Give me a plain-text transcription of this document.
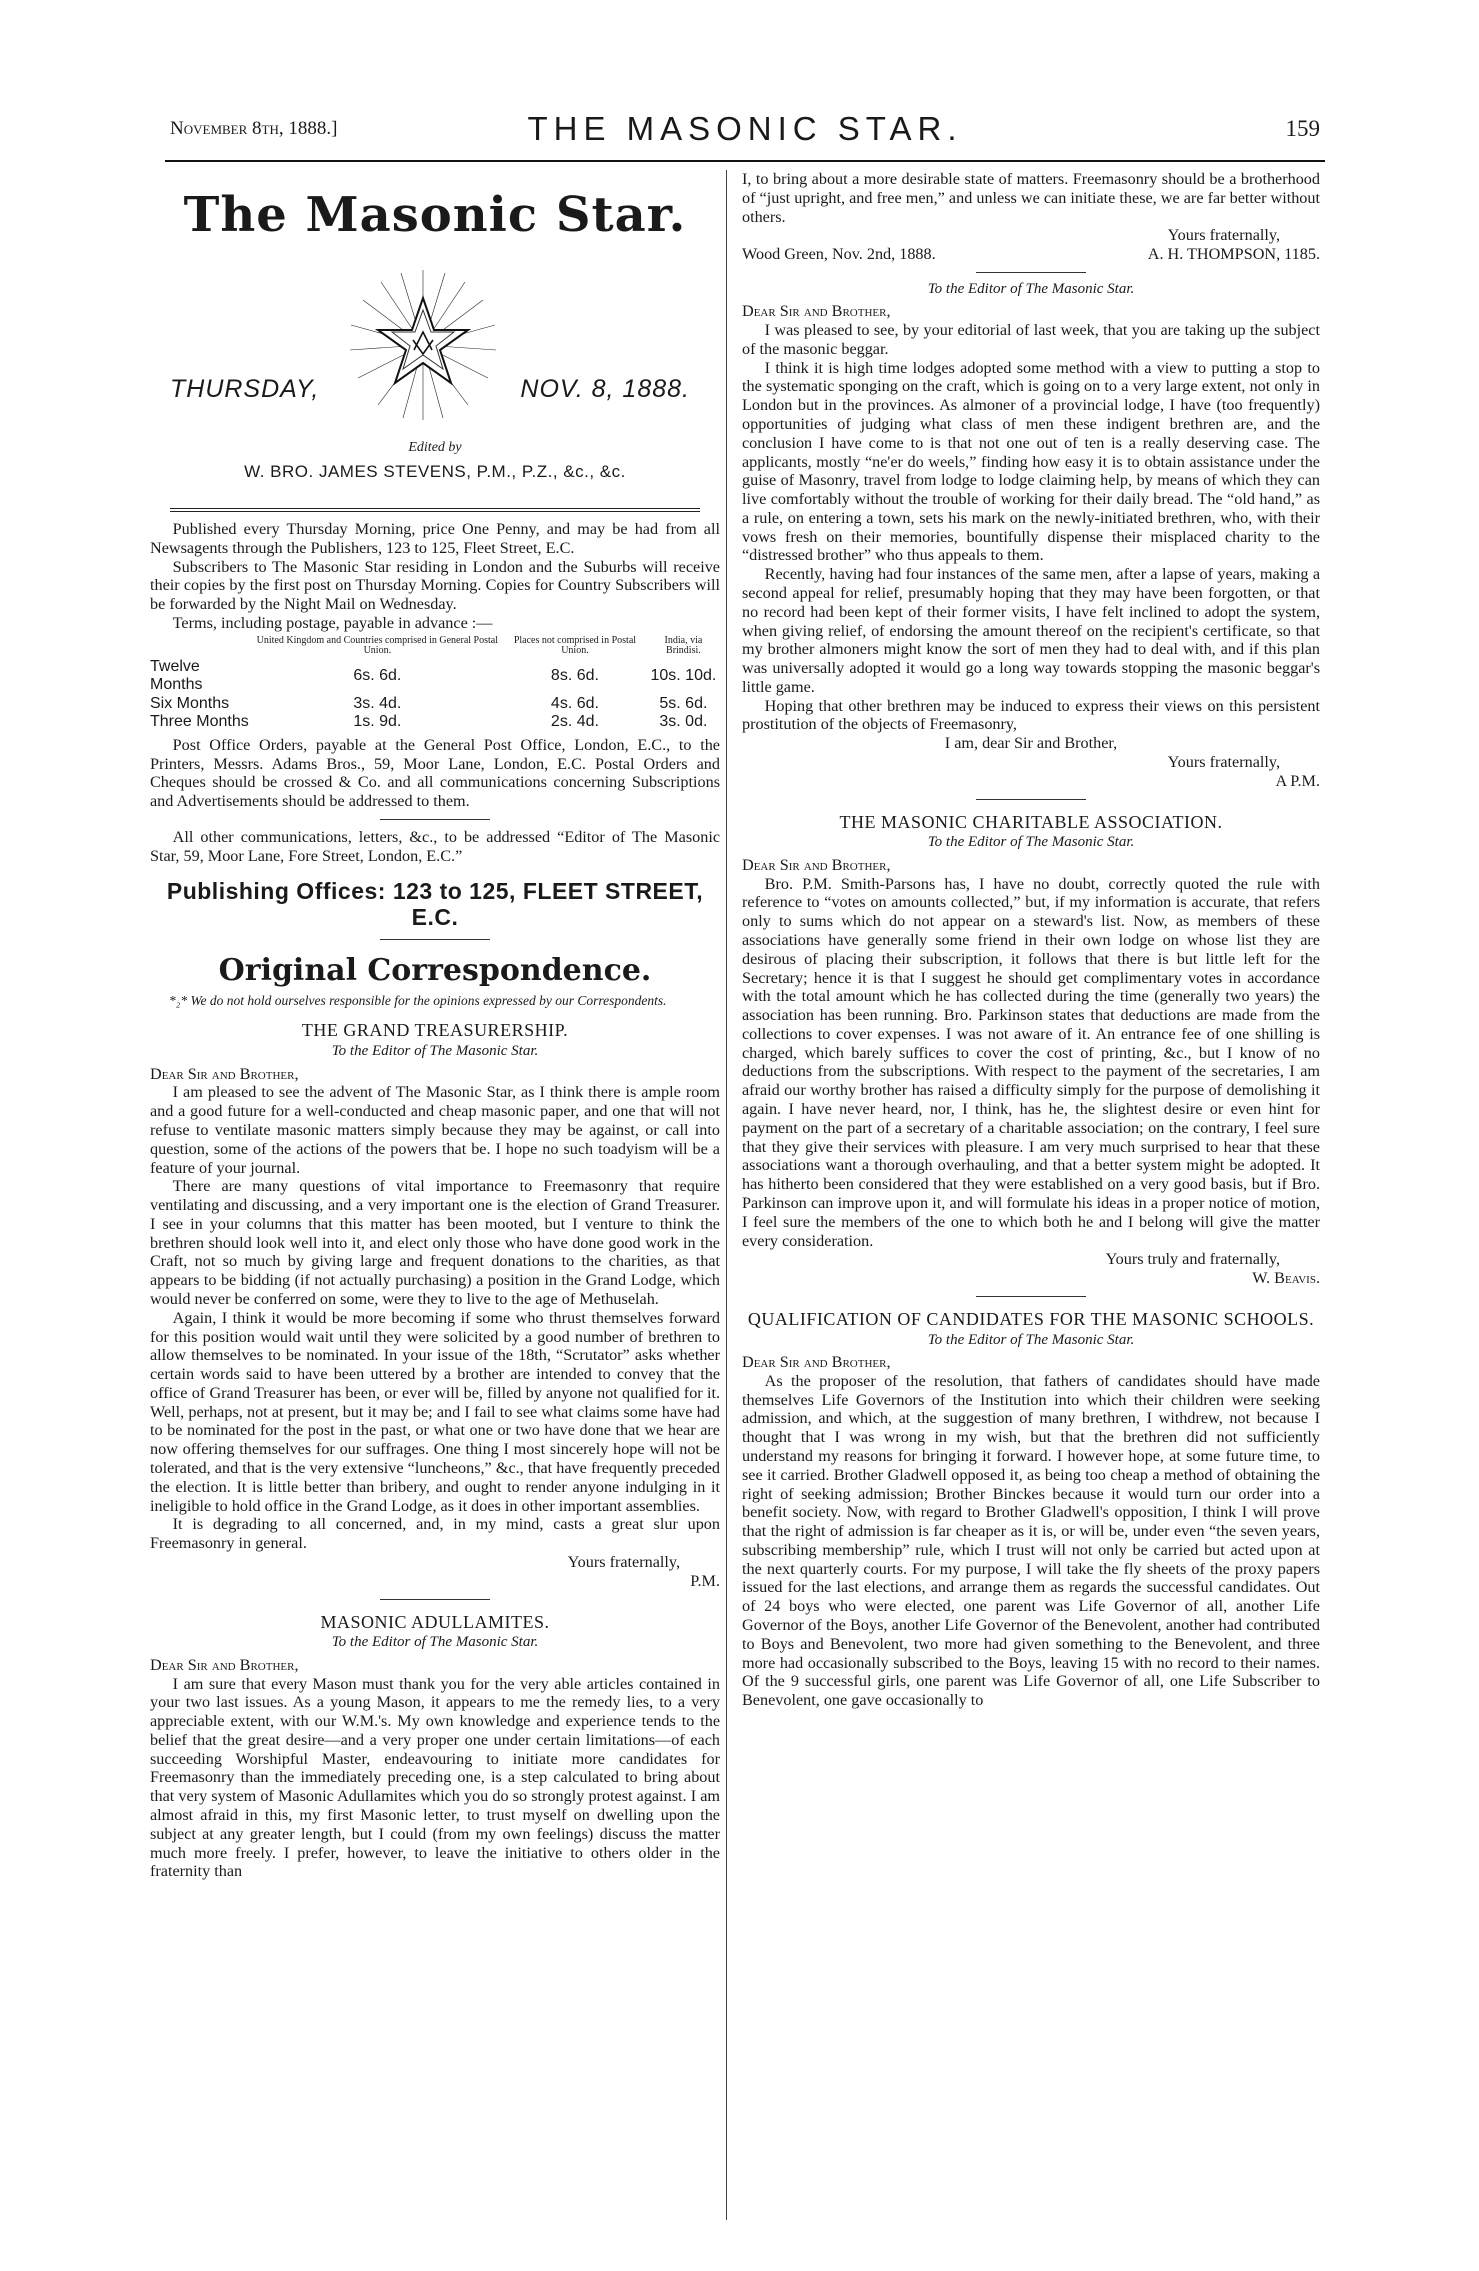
November 8th, 1888.]	THE MASONIC STAR.	159
The Masonic Star.
THURSDAY,	NOV. 8, 1888.
Edited by
W. BRO. JAMES STEVENS, P.M., P.Z., &c., &c.

Published every Thursday Morning, price One Penny, and may be had from all Newsagents through the Publishers, 123 to 125, Fleet Street, E.C.

Subscribers to The Masonic Star residing in London and the Suburbs will receive their copies by the first post on Thursday Morning. Copies for Country Subscribers will be forwarded by the Night Mail on Wednesday.

Terms, including postage, payable in advance :—

	United Kingdom and Countries comprised in General Postal Union.	Places not comprised in Postal Union.	India, via Brindisi.
Twelve Months	6s. 6d.	8s. 6d.	10s. 10d.
Six Months	3s. 4d.	4s. 6d.	5s. 6d.
Three Months	1s. 9d.	2s. 4d.	3s. 0d.

Post Office Orders, payable at the General Post Office, London, E.C., to the Printers, Messrs. Adams Bros., 59, Moor Lane, London, E.C. Postal Orders and Cheques should be crossed & Co. and all communications concerning Subscriptions and Advertisements should be addressed to them.

All other communications, letters, &c., to be addressed “Editor of The Masonic Star, 59, Moor Lane, Fore Street, London, E.C.”

Publishing Offices: 123 to 125, FLEET STREET, E.C.
Original Correspondence.

*₂* We do not hold ourselves responsible for the opinions expressed by our Correspondents.

THE GRAND TREASURERSHIP.
To the Editor of The Masonic Star.

Dear Sir and Brother,

I am pleased to see the advent of The Masonic Star, as I think there is ample room and a good future for a well-conducted and cheap masonic paper, and one that will not refuse to ventilate masonic matters simply because they may be against, or call into question, some of the actions of the powers that be. I hope no such toadyism will be a feature of your journal.

There are many questions of vital importance to Freemasonry that require ventilating and discussing, and a very important one is the election of Grand Treasurer. I see in your columns that this matter has been mooted, but I venture to think the brethren should look well into it, and elect only those who have done good work in the Craft, not so much by giving large and frequent donations to the charities, as that appears to be bidding (if not actually purchasing) a position in the Grand Lodge, which would never be conferred on some, were they to live to the age of Methuselah.

Again, I think it would be more becoming if some who thrust themselves forward for this position would wait until they were solicited by a good number of brethren to allow themselves to be nominated. In your issue of the 18th, “Scrutator” asks whether certain words said to have been uttered by a brother are intended to convey that the office of Grand Treasurer has been, or ever will be, filled by anyone not qualified for it. Well, perhaps, not at present, but it may be; and I fail to see what claims some have had to be nominated for the post in the past, or what one or two have done that we hear are now offering themselves for our suffrages. One thing I most sincerely hope will not be tolerated, and that is the very extensive “luncheons,” &c., that have frequently preceded the election. It is little better than bribery, and ought to render anyone indulging in it ineligible to hold office in the Grand Lodge, as it does in other important assemblies.

It is degrading to all concerned, and, in my mind, casts a great slur upon Freemasonry in general.

Yours fraternally,
P.M.
MASONIC ADULLAMITES.
To the Editor of The Masonic Star.

Dear Sir and Brother,

I am sure that every Mason must thank you for the very able articles contained in your two last issues. As a young Mason, it appears to me the remedy lies, to a very appreciable extent, with our W.M.'s. My own knowledge and experience tends to the belief that the great desire—and a very proper one under certain limitations—of each succeeding Worshipful Master, endeavouring to initiate more candidates for Freemasonry than the immediately preceding one, is a step calculated to bring about that very system of Masonic Adullamites which you do so strongly protest against. I am almost afraid in this, my first Masonic letter, to trust myself on dwelling upon the subject at any greater length, but I could (from my own feelings) discuss the matter much more freely. I prefer, however, to leave the initiative to others older in the fraternity than

I, to bring about a more desirable state of matters. Freemasonry should be a brotherhood of “just upright, and free men,” and unless we can initiate these, we are far better without others.

Yours fraternally,
Wood Green, Nov. 2nd, 1888.	A. H. THOMPSON, 1185.
To the Editor of The Masonic Star.

Dear Sir and Brother,

I was pleased to see, by your editorial of last week, that you are taking up the subject of the masonic beggar.

I think it is high time lodges adopted some method with a view to putting a stop to the systematic sponging on the craft, which is going on to a very large extent, not only in London but in the provinces. As almoner of a provincial lodge, I have (too frequently) opportunities of judging what class of men these indigent brethren are, and the conclusion I have come to is that not one out of ten is a really deserving case. The applicants, mostly “ne'er do weels,” finding how easy it is to obtain assistance under the guise of Masonry, travel from lodge to lodge claiming help, by means of which they can live comfortably without the trouble of working for their daily bread. The “old hand,” as a rule, on entering a town, sets his mark on the newly-initiated brethren, who, with their vows fresh on their memories, bountifully dispense their misplaced charity to the “distressed brother” who thus appeals to them.

Recently, having had four instances of the same men, after a lapse of years, making a second appeal for relief, presumably hoping that they may have been forgotten, or that no record had been kept of their former visits, I have felt inclined to adopt the system, when giving relief, of endorsing the amount thereof on the recipient's certificate, so that my brother almoners might know the sort of men they had to deal with, and if this plan was universally adopted it would go a long way towards stopping the masonic beggar's little game.

Hoping that other brethren may be induced to express their views on this persistent prostitution of the objects of Freemasonry,

I am, dear Sir and Brother,
Yours fraternally,
A P.M.
THE MASONIC CHARITABLE ASSOCIATION.
To the Editor of The Masonic Star.

Dear Sir and Brother,

Bro. P.M. Smith-Parsons has, I have no doubt, correctly quoted the rule with reference to “votes on amounts collected,” but, if my information is accurate, that refers only to sums which do not appear on a steward's list. Now, as members of these associations have generally some friend in their own lodge on whose list they are desirous of placing their subscription, it follows that there is but little left for the Secretary; hence it is that I suggest he should get complimentary votes in accordance with the total amount which he has collected during the time (generally two years) the association has been running. Bro. Parkinson states that deductions are made from the collections to cover expenses. I was not aware of it. An entrance fee of one shilling is charged, which barely suffices to cover the cost of printing, &c., but I know of no deductions from the subscriptions. With respect to the payment of the secretaries, I am afraid our worthy brother has raised a difficulty simply for the purpose of demolishing it again. I have never heard, nor, I think, has he, the slightest desire or even hint for payment on the part of a secretary of a charitable association; on the contrary, I feel sure that they give their services with pleasure. I am very much surprised to hear that these associations want a thorough overhauling, and that a better system might be adopted. It has hitherto been considered that they were established on a very good basis, but if Bro. Parkinson can improve upon it, and will formulate his ideas in a proper notice of motion, I feel sure the members of the one to which both he and I belong will give the matter every consideration.

Yours truly and fraternally,
W. Beavis.
QUALIFICATION OF CANDIDATES FOR THE MASONIC SCHOOLS.
To the Editor of The Masonic Star.

Dear Sir and Brother,

As the proposer of the resolution, that fathers of candidates should have made themselves Life Governors of the Institution into which their children were seeking admission, and which, at the suggestion of many brethren, I withdrew, not because I thought that I was wrong in my wish, but that the brethren did not sufficiently understand my reasons for bringing it forward. I however hope, at some future time, to see it carried. Brother Gladwell opposed it, as being too cheap a method of obtaining the right of seeking admission; Brother Binckes because it would turn our order into a benefit society. Now, with regard to Brother Gladwell's opposition, I think I will prove that the right of admission is far cheaper as it is, or will be, under even “the seven years, subscribing membership” rule, which I trust will not only be carried but acted upon at the next quarterly courts. For my purpose, I will take the fly sheets of the proxy papers issued for the last elections, and arrange them as regards the successful candidates. Out of 24 boys who were elected, one parent was Life Governor of all, another Life Governor of the Boys, another Life Governor of the Benevolent, another had contributed to Boys and Benevolent, two more had given something to the Benevolent, and three more had occasionally subscribed to the Boys, leaving 15 with no record to their names. Of the 9 successful girls, one parent was Life Governor of all, one Life Subscriber to Benevolent, one gave occasionally to
